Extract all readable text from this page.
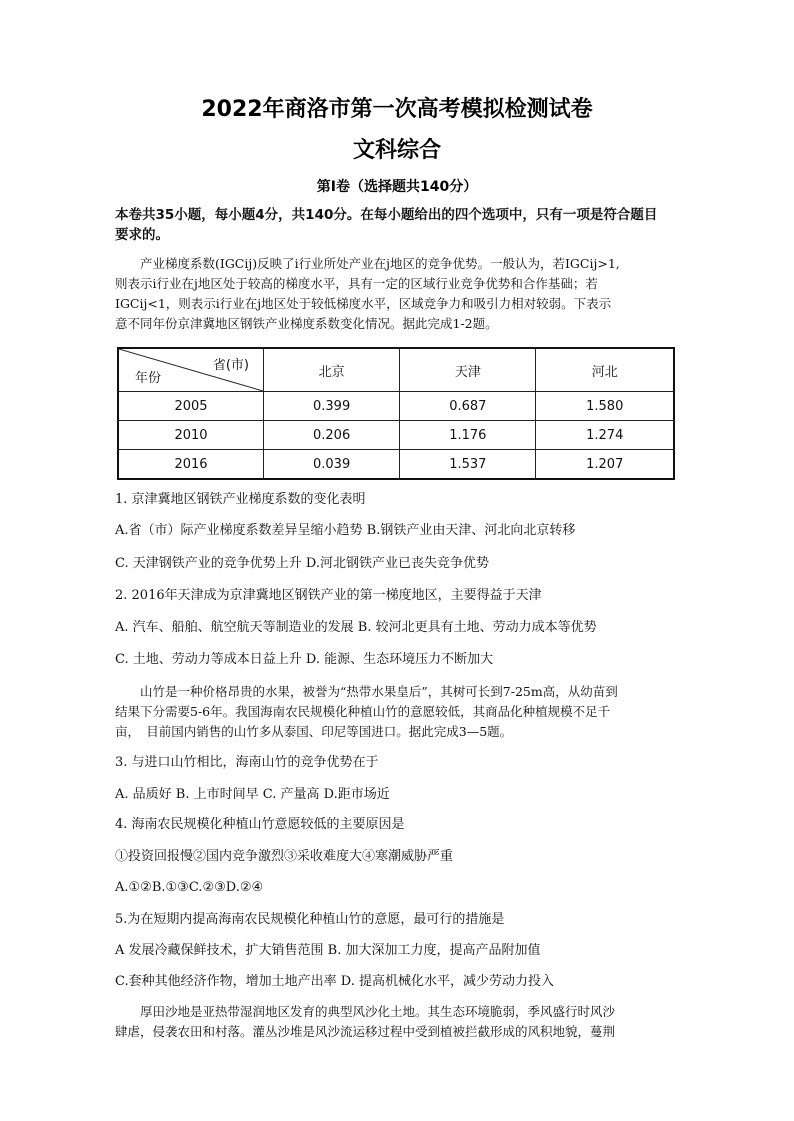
2022年商洛市第一次高考模拟检测试卷
文科综合
第Ⅰ卷（选择题共140分）
本卷共35小题，每小题4分，共140分。在每小题给出的四个选项中，只有一项是符合题目
要求的。
　　产业梯度系数(IGCij)反映了i行业所处产业在j地区的竞争优势。一般认为，若IGCij>1,
则表示i行业在j地区处于较高的梯度水平，具有一定的区域行业竞争优势和合作基础；若
IGCij<1，则表示i行业在j地区处于较低梯度水平，区域竞争力和吸引力相对较弱。下表示
意不同年份京津冀地区钢铁产业梯度系数变化情况。据此完成1-2题。
省(市)
年份	北京	天津	河北
2005	0.399	0.687	1.580
2010	0.206	1.176	1.274
2016	0.039	1.537	1.207
1. 京津冀地区钢铁产业梯度系数的变化表明
A.省（市）际产业梯度系数差异呈缩小趋势 B.钢铁产业由天津、河北向北京转移
C. 天津钢铁产业的竞争优势上升 D.河北钢铁产业已丧失竞争优势
2. 2016年天津成为京津冀地区钢铁产业的第一梯度地区，主要得益于天津
A. 汽车、船舶、航空航天等制造业的发展 B. 较河北更具有土地、劳动力成本等优势
C. 土地、劳动力等成本日益上升 D. 能源、生态环境压力不断加大
　　山竹是一种价格昂贵的水果，被誉为“热带水果皇后”，其树可长到7-25m高，从幼苗到
结果下分需要5-6年。我国海南农民规模化种植山竹的意愿较低，其商品化种植规模不足千
亩，　目前国内销售的山竹多从泰国、印尼等国进口。据此完成3—5题。
3. 与进口山竹相比，海南山竹的竞争优势在于
A. 品质好 B. 上市时间早 C. 产量高 D.距市场近
4. 海南农民规模化种植山竹意愿较低的主要原因是
①投资回报慢②国内竞争激烈③采收难度大④寒潮威胁严重
A.①②B.①③C.②③D.②④
5.为在短期内提高海南农民规模化种植山竹的意愿，最可行的措施是
A 发展冷藏保鲜技术，扩大销售范围 B. 加大深加工力度，提高产品附加值
C.套种其他经济作物，增加土地产出率 D. 提高机械化水平，减少劳动力投入
　　厚田沙地是亚热带湿润地区发育的典型风沙化土地。其生态环境脆弱，季风盛行时风沙
肆虐，侵袭农田和村落。灌丛沙堆是风沙流运移过程中受到植被拦截形成的风积地貌，蔓荆
